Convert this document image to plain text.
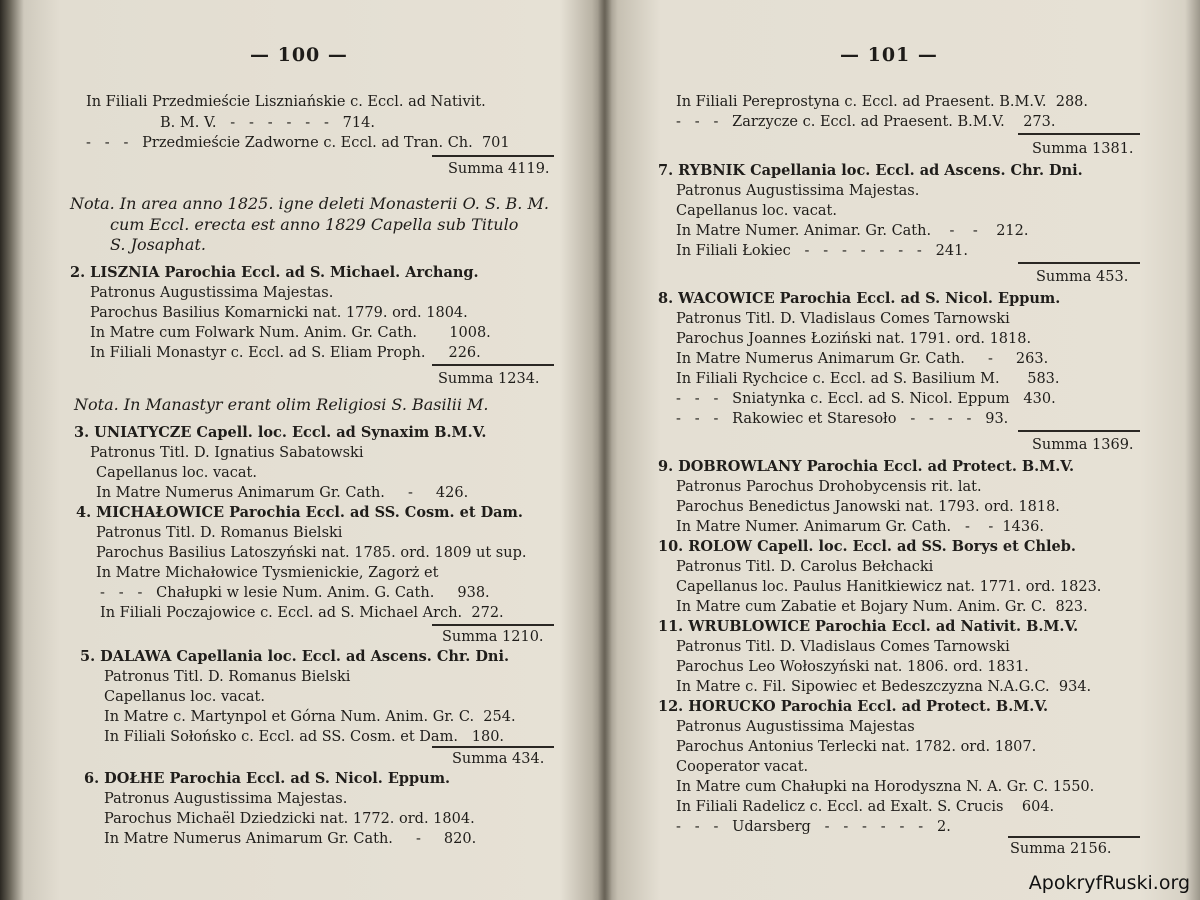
— 100 —
In Filiali Przedmieście Liszniańskie c. Eccl. ad Nativit.
B. M. V.   -   -   -   -   -   -   714.
-   -   -   Przedmieście Zadworne c. Eccl. ad Tran. Ch.  701
Summa 4119.
Nota. In area anno 1825. igne deleti Monasterii O. S. B. M.
cum Eccl. erecta est anno 1829 Capella sub Titulo
S. Josaphat.
2. LISZNIA Parochia Eccl. ad S. Michael. Archang.
Patronus Augustissima Majestas.
Parochus Basilius Komarnicki nat. 1779. ord. 1804.
In Matre cum Folwark Num. Anim. Gr. Cath.       1008.
In Filiali Monastyr c. Eccl. ad S. Eliam Proph.     226.
Summa 1234.
Nota. In Manastyr erant olim Religiosi S. Basilii M.
3. UNIATYCZE Capell. loc. Eccl. ad Synaxim B.M.V.
Patronus Titl. D. Ignatius Sabatowski
Capellanus loc. vacat.
In Matre Numerus Animarum Gr. Cath.     -     426.
4. MICHAŁOWICE Parochia Eccl. ad SS. Cosm. et Dam.
Patronus Titl. D. Romanus Bielski
Parochus Basilius Latoszyński nat. 1785. ord. 1809 ut sup.
In Matre Michałowice Tysmienickie, Zagorż et
-   -   -   Chałupki w lesie Num. Anim. G. Cath.     938.
In Filiali Poczajowice c. Eccl. ad S. Michael Arch.  272.
Summa 1210.
5. DALAWA Capellania loc. Eccl. ad Ascens. Chr. Dni.
Patronus Titl. D. Romanus Bielski
Capellanus loc. vacat.
In Matre c. Martynpol et Górna Num. Anim. Gr. C.  254.
In Filiali Sołońsko c. Eccl. ad SS. Cosm. et Dam.   180.
Summa 434.
6. DOŁHE Parochia Eccl. ad S. Nicol. Eppum.
Patronus Augustissima Majestas.
Parochus Michaël Dziedzicki nat. 1772. ord. 1804.
In Matre Numerus Animarum Gr. Cath.     -     820.
— 101 —
In Filiali Pereprostyna c. Eccl. ad Praesent. B.M.V.  288.
-   -   -   Zarzycze c. Eccl. ad Praesent. B.M.V.    273.
Summa 1381.
7. RYBNIK Capellania loc. Eccl. ad Ascens. Chr. Dni.
Patronus Augustissima Majestas.
Capellanus loc. vacat.
In Matre Numer. Animar. Gr. Cath.    -    -    212.
In Filiali Łokiec   -   -   -   -   -   -   -   241.
Summa 453.
8. WACOWICE Parochia Eccl. ad S. Nicol. Eppum.
Patronus Titl. D. Vladislaus Comes Tarnowski
Parochus Joannes Łoziński nat. 1791. ord. 1818.
In Matre Numerus Animarum Gr. Cath.     -     263.
In Filiali Rychcice c. Eccl. ad S. Basilium M.      583.
-   -   -   Sniatynka c. Eccl. ad S. Nicol. Eppum   430.
-   -   -   Rakowiec et Staresoło   -   -   -   -   93.
Summa 1369.
9. DOBROWLANY Parochia Eccl. ad Protect. B.M.V.
Patronus Parochus Drohobycensis rit. lat.
Parochus Benedictus Janowski nat. 1793. ord. 1818.
In Matre Numer. Animarum Gr. Cath.   -    -  1436.
10. ROLOW Capell. loc. Eccl. ad SS. Borys et Chleb.
Patronus Titl. D. Carolus Bełchacki
Capellanus loc. Paulus Hanitkiewicz nat. 1771. ord. 1823.
In Matre cum Zabatie et Bojary Num. Anim. Gr. C.  823.
11. WRUBLOWICE Parochia Eccl. ad Nativit. B.M.V.
Patronus Titl. D. Vladislaus Comes Tarnowski
Parochus Leo Wołoszyński nat. 1806. ord. 1831.
In Matre c. Fil. Sipowiec et Bedeszczyzna N.A.G.C.  934.
12. HORUCKO Parochia Eccl. ad Protect. B.M.V.
Patronus Augustissima Majestas
Parochus Antonius Terlecki nat. 1782. ord. 1807.
Cooperator vacat.
In Matre cum Chałupki na Horodyszna N. A. Gr. C. 1550.
In Filiali Radelicz c. Eccl. ad Exalt. S. Crucis    604.
-   -   -   Udarsberg   -   -   -   -   -   -   2.
Summa 2156.
ApokryfRuski.org
